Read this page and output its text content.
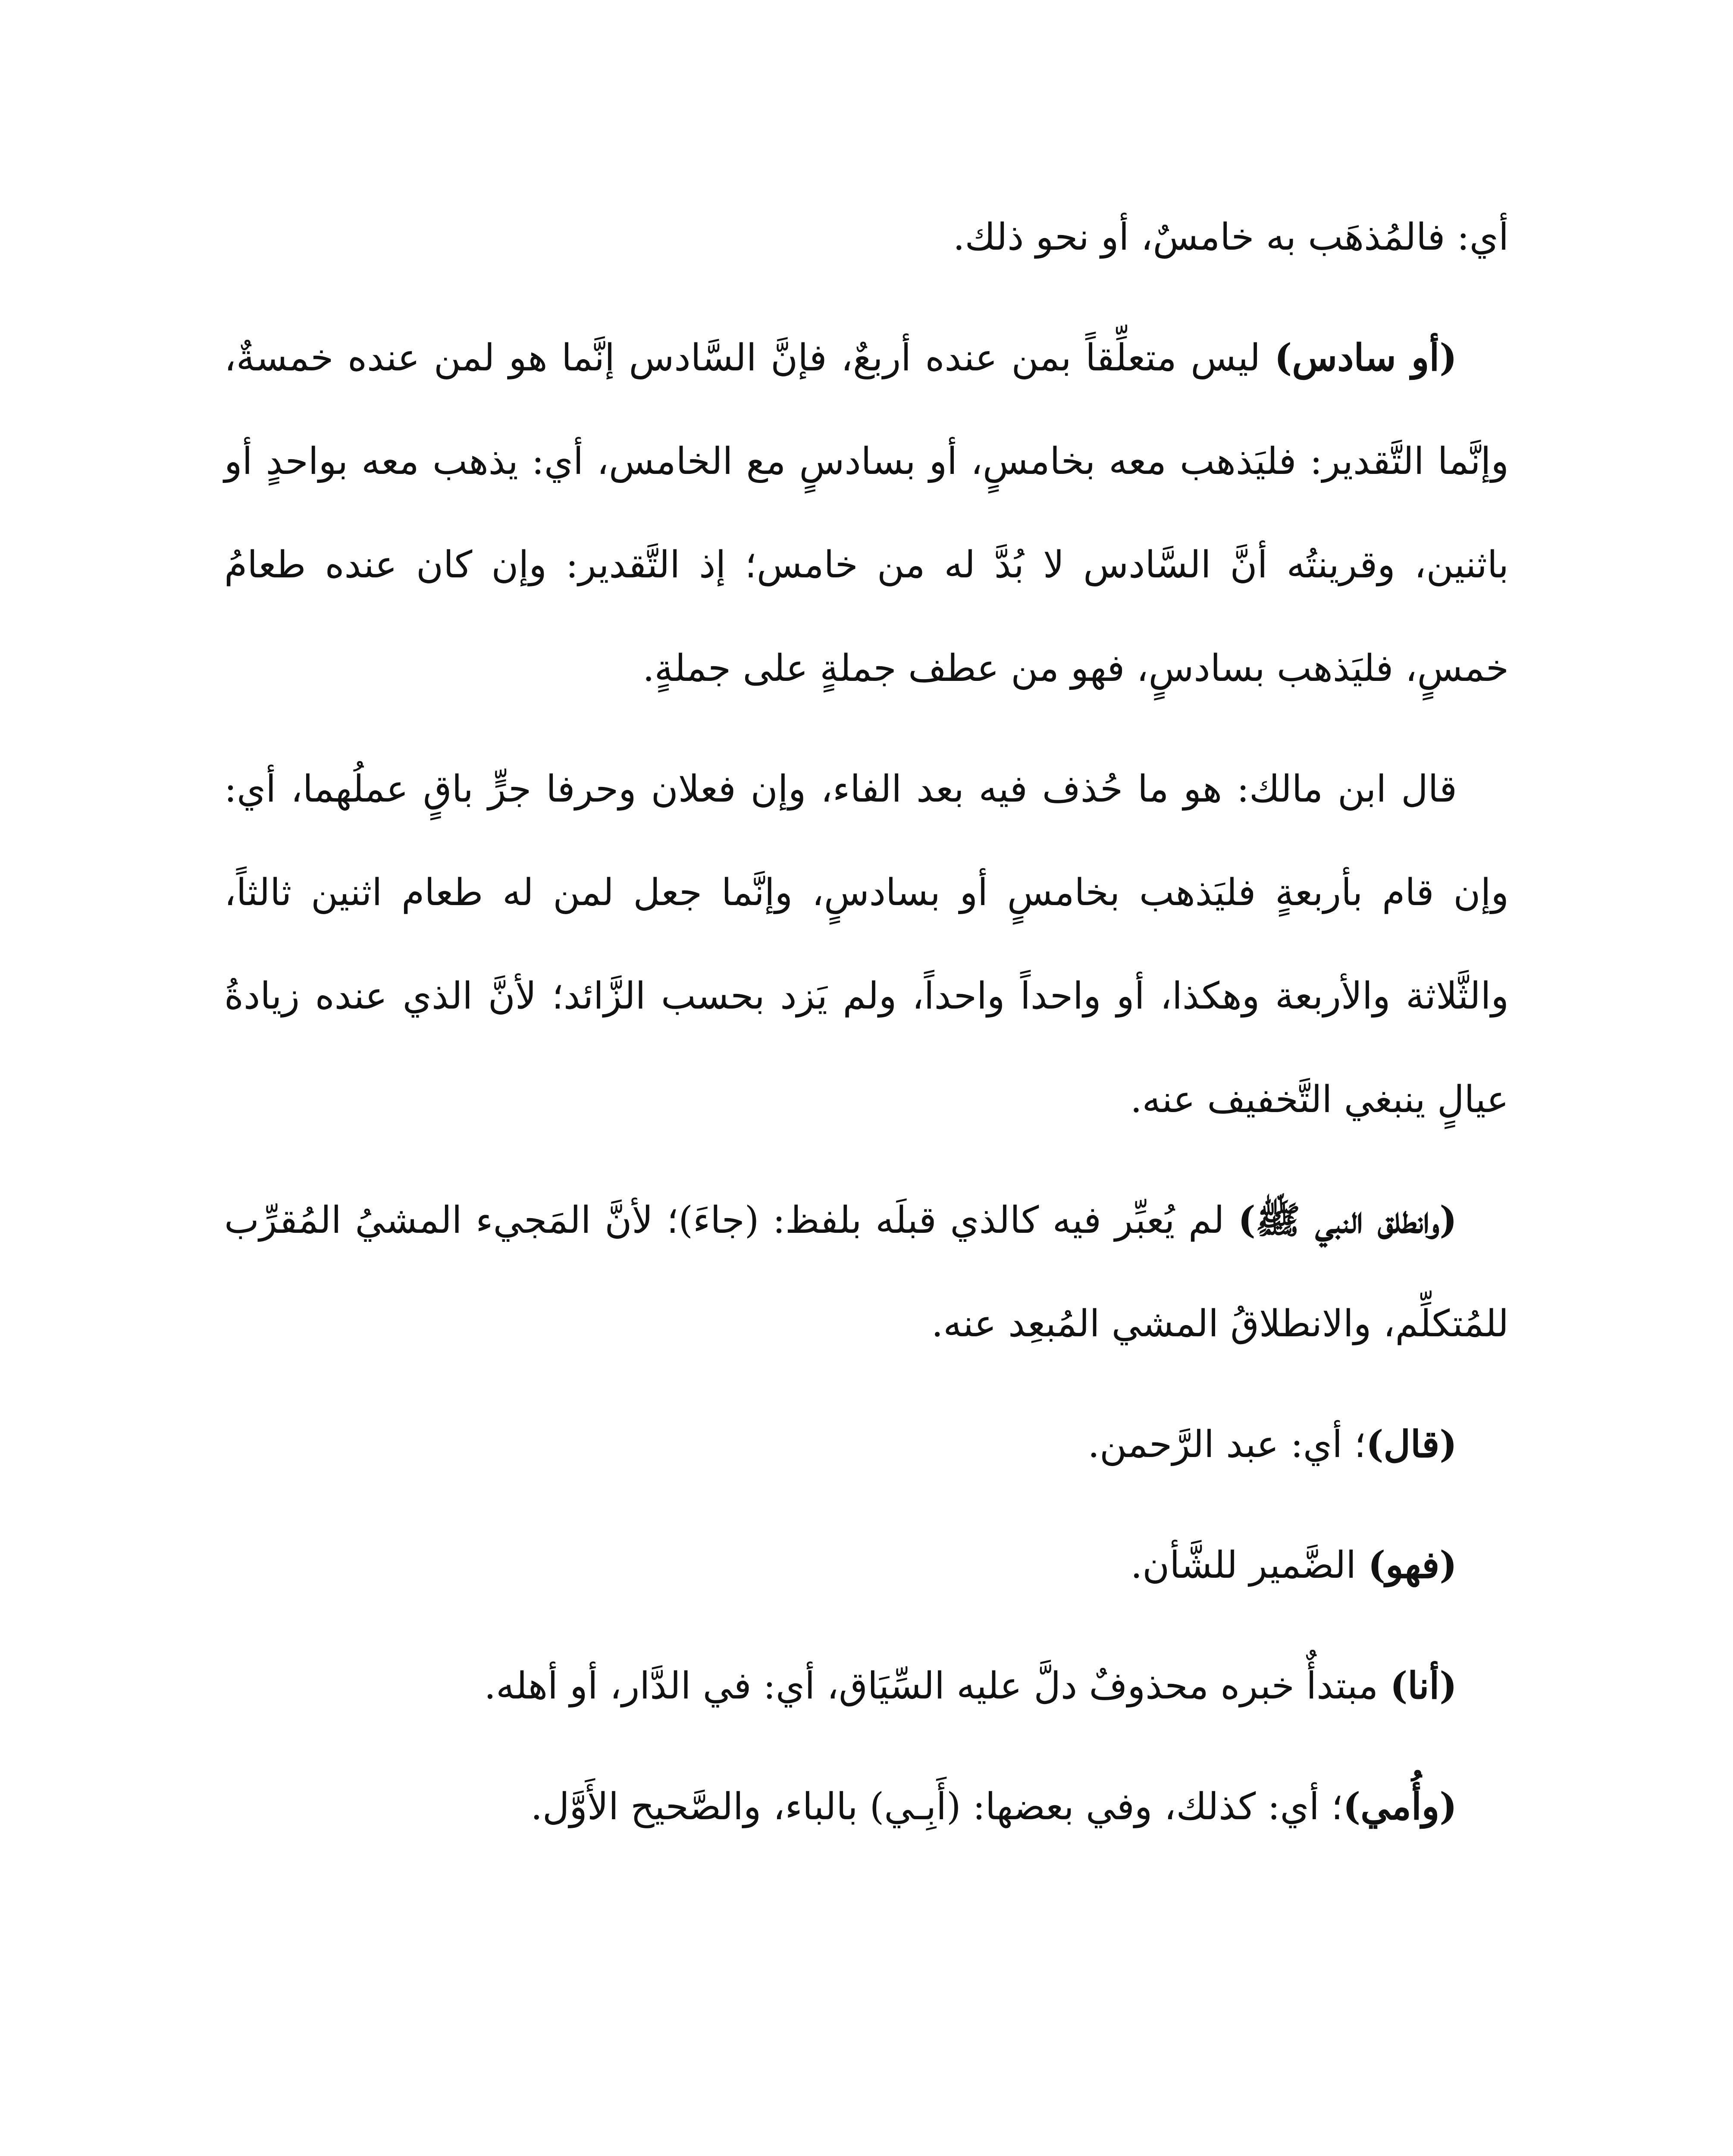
أي: فالمُذهَب به خامسٌ، أو نحو ذلك.

(أو سادس) ليس متعلِّقاً بمن عنده أربعٌ، فإنَّ السَّادس إنَّما هو لمن عنده خمسةٌ، وإنَّما التَّقدير: فليَذهب معه بخامسٍ، أو بسادسٍ مع الخامس، أي: يذهب معه بواحدٍ أو باثنين، وقرينتُه أنَّ السَّادس لا بُدَّ له من خامس؛ إذ التَّقدير: وإن كان عنده طعامُ خمسٍ، فليَذهب بسادسٍ، فهو من عطف جملةٍ على جملةٍ.

قال ابن مالك: هو ما حُذف فيه بعد الفاء، وإن فعلان وحرفا جرٍّ باقٍ عملُهما، أي: وإن قام بأربعةٍ فليَذهب بخامسٍ أو بسادسٍ، وإنَّما جعل لمن له طعام اثنين ثالثاً، والثَّلاثة والأربعة وهكذا، أو واحداً واحداً، ولم يَزد بحسب الزَّائد؛ لأنَّ الذي عنده زيادةُ عيالٍ ينبغي التَّخفيف عنه.

(وانطلق النبي ﷺ) لم يُعبِّر فيه كالذي قبلَه بلفظ: (جاءَ)؛ لأنَّ المَجيء المشيُ المُقرِّب للمُتكلِّم، والانطلاقُ المشي المُبعِد عنه.

(قال)؛ أي: عبد الرَّحمن.

(فهو) الضَّمير للشَّأن.

(أنا) مبتدأٌ خبره محذوفٌ دلَّ عليه السِّيَاق، أي: في الدَّار، أو أهله.

(وأُمي)؛ أي: كذلك، وفي بعضها: (أَبِـي) بالباء، والصَّحيح الأَوَّل.
